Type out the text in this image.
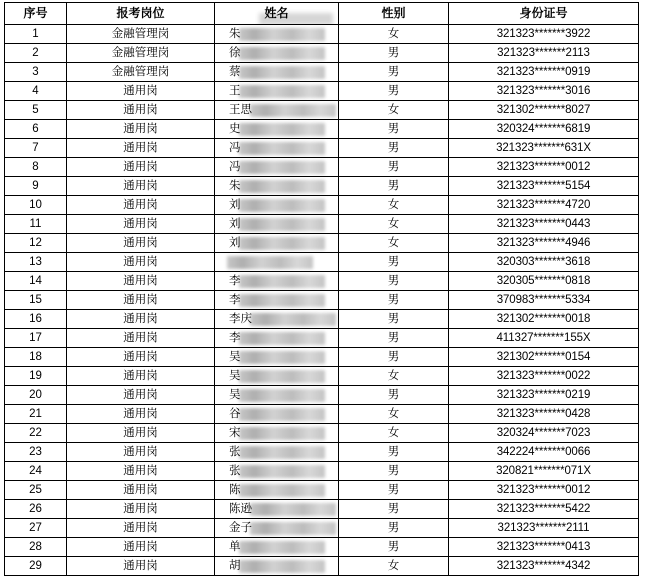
序号	报考岗位	姓名	性别	身份证号
1	金融管理岗	朱	女	321323*******3922
2	金融管理岗	徐	男	321323*******2113
3	金融管理岗	蔡	男	321323*******0919
4	通用岗	王	男	321323*******3016
5	通用岗	王思	女	321302*******8027
6	通用岗	史	男	320324*******6819
7	通用岗	冯	男	321323*******631X
8	通用岗	冯	男	321323*******0012
9	通用岗	朱	男	321323*******5154
10	通用岗	刘	女	321323*******4720
11	通用岗	刘	女	321323*******0443
12	通用岗	刘	女	321323*******4946
13	通用岗		男	320303*******3618
14	通用岗	李	男	320305*******0818
15	通用岗	李	男	370983*******5334
16	通用岗	李庆	男	321302*******0018
17	通用岗	李	男	411327*******155X
18	通用岗	吴	男	321302*******0154
19	通用岗	吴	女	321323*******0022
20	通用岗	吴	男	321323*******0219
21	通用岗	谷	女	321323*******0428
22	通用岗	宋	女	320324*******7023
23	通用岗	张	男	342224*******0066
24	通用岗	张	男	320821*******071X
25	通用岗	陈	男	321323*******0012
26	通用岗	陈逊	男	321323*******5422
27	通用岗	金子	男	321323*******2111
28	通用岗	单	男	321323*******0413
29	通用岗	胡	女	321323*******4342
